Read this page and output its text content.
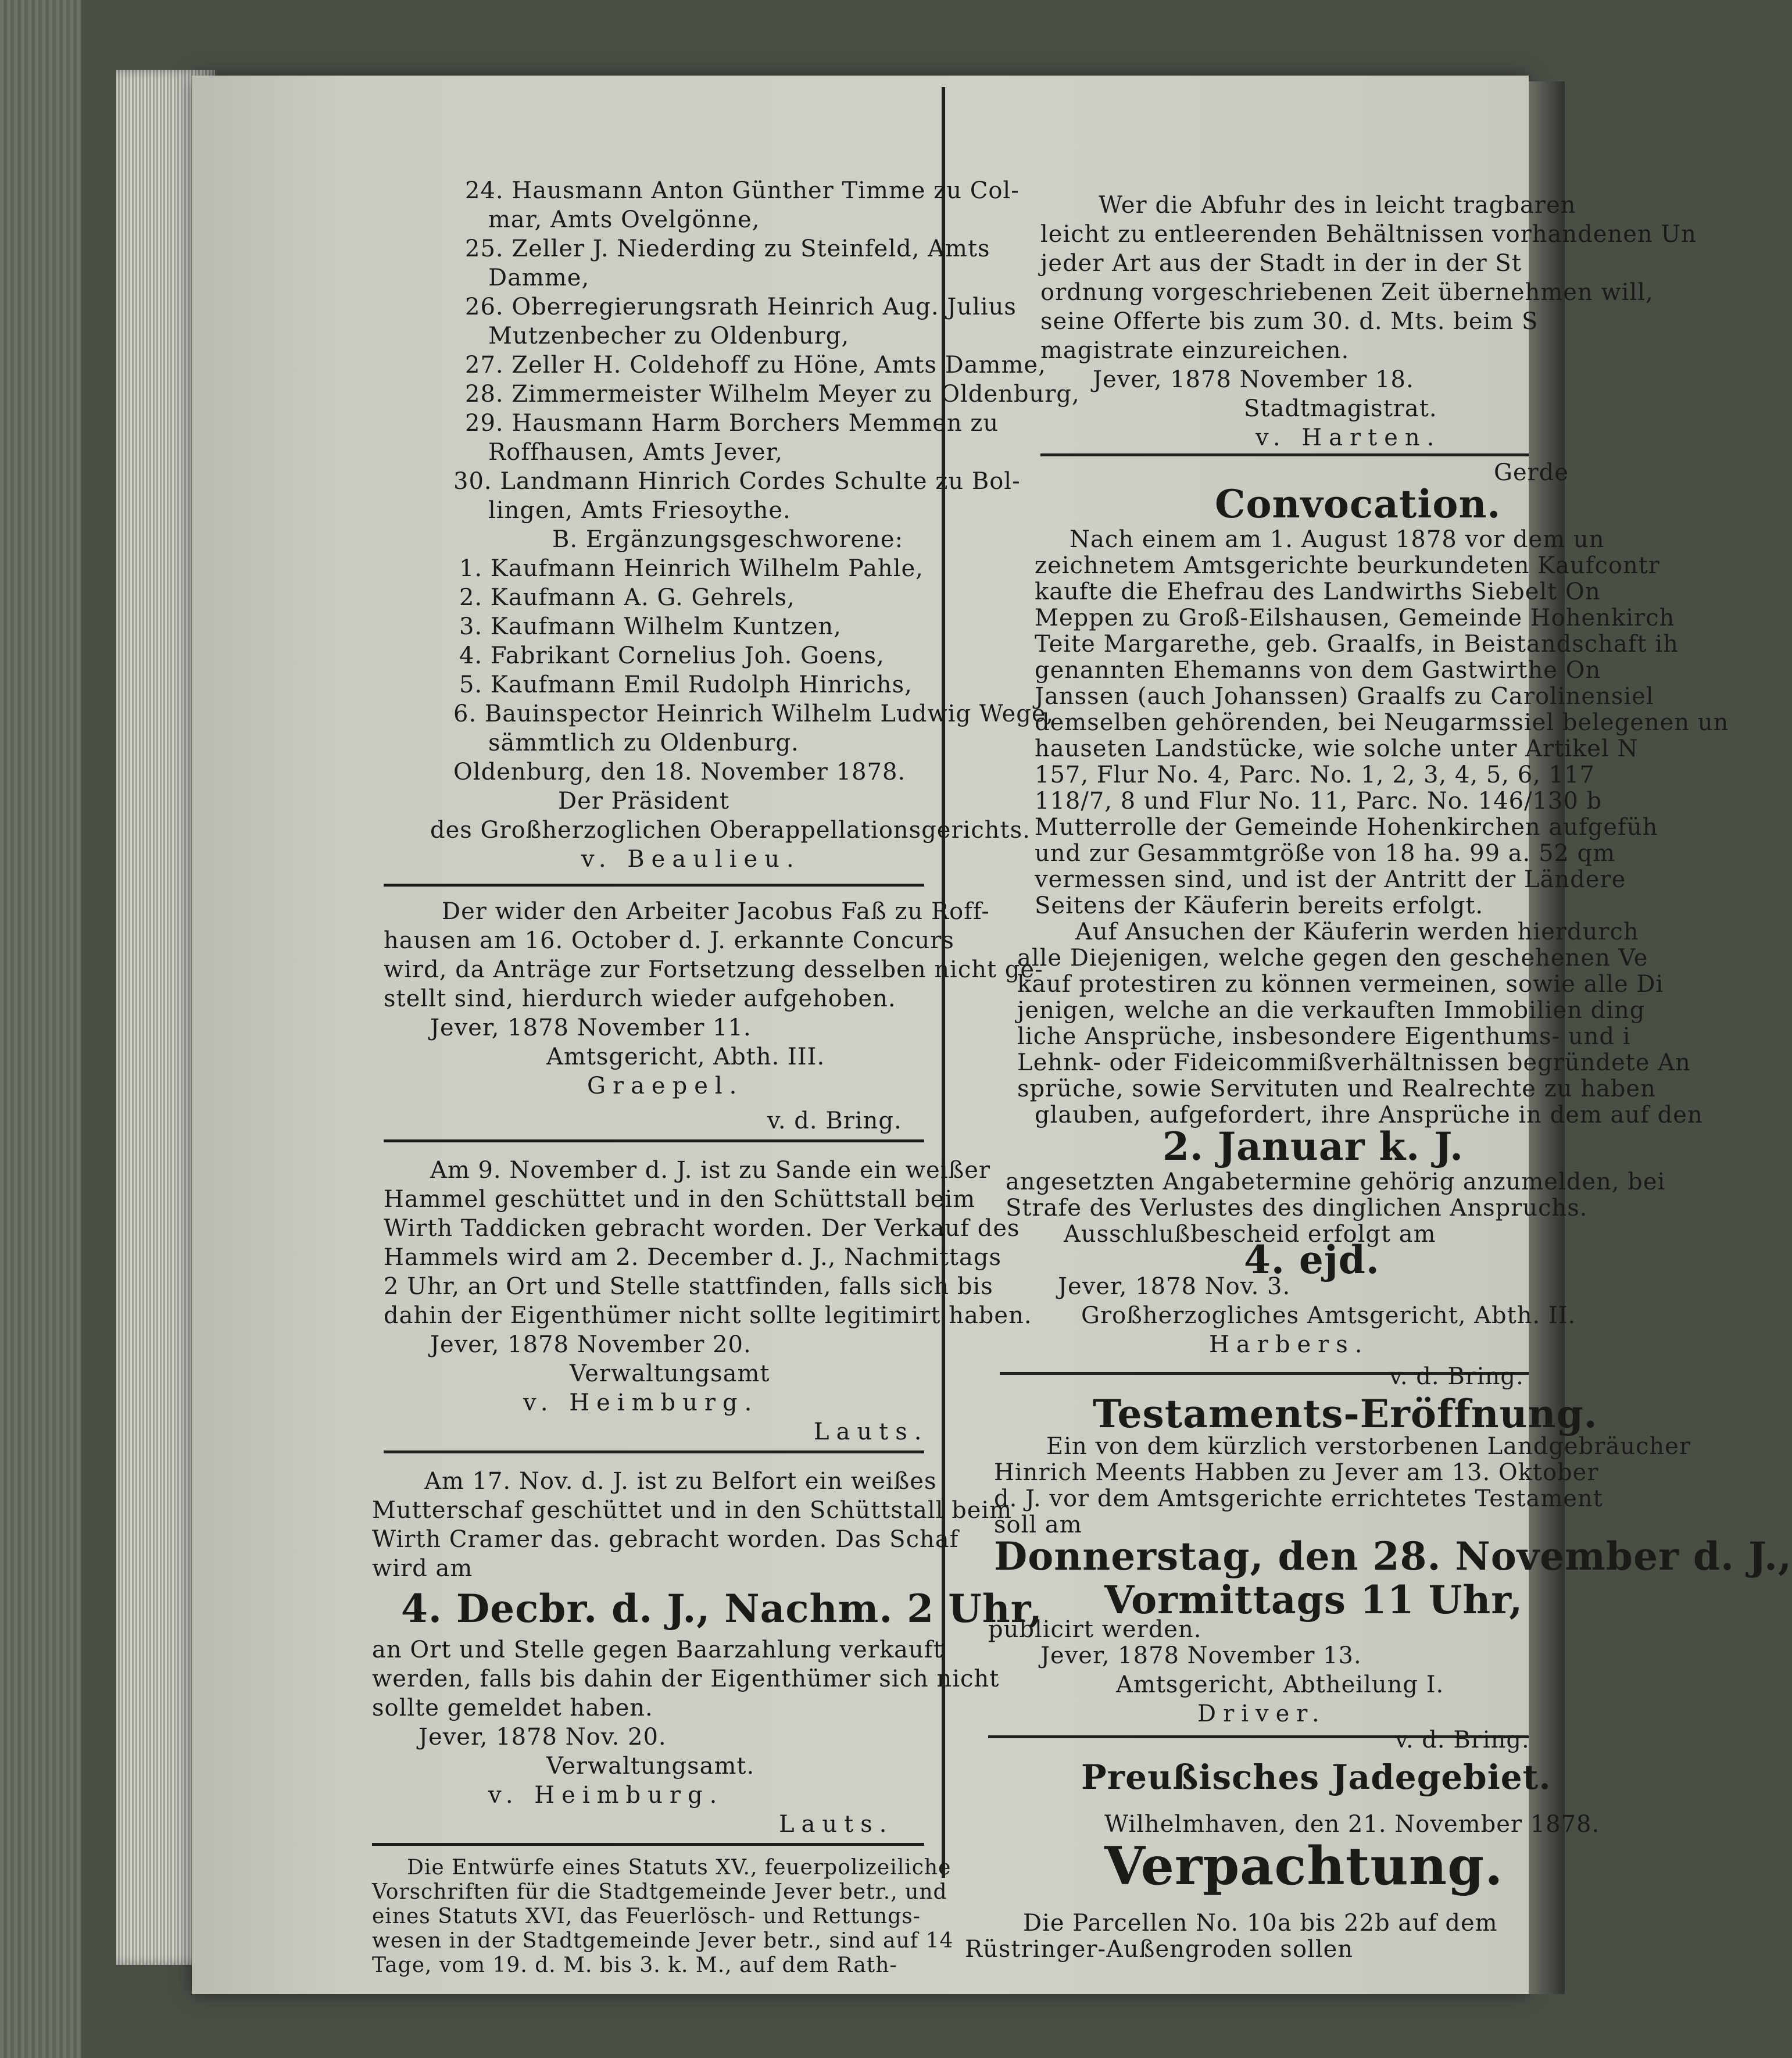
24. Hausmann Anton Günther Timme zu Col-
mar, Amts Ovelgönne,
25. Zeller J. Niederding zu Steinfeld, Amts
Damme,
26. Oberregierungsrath Heinrich Aug. Julius
Mutzenbecher zu Oldenburg,
27. Zeller H. Coldehoff zu Höne, Amts Damme,
28. Zimmermeister Wilhelm Meyer zu Oldenburg,
29. Hausmann Harm Borchers Memmen zu
Roffhausen, Amts Jever,
30. Landmann Hinrich Cordes Schulte zu Bol-
lingen, Amts Friesoythe.
B. Ergänzungsgeschworene:
1. Kaufmann Heinrich Wilhelm Pahle,
2. Kaufmann A. G. Gehrels,
3. Kaufmann Wilhelm Kuntzen,
4. Fabrikant Cornelius Joh. Goens,
5. Kaufmann Emil Rudolph Hinrichs,
6. Bauinspector Heinrich Wilhelm Ludwig Wege,
sämmtlich zu Oldenburg.
Oldenburg, den 18. November 1878.
Der Präsident
des Großherzoglichen Oberappellationsgerichts.
v. Beaulieu.
Der wider den Arbeiter Jacobus Faß zu Roff-
hausen am 16. October d. J. erkannte Concurs
wird, da Anträge zur Fortsetzung desselben nicht ge-
stellt sind, hierdurch wieder aufgehoben.
Jever, 1878 November 11.
Amtsgericht, Abth. III.
Graepel.
v. d. Bring.
Am 9. November d. J. ist zu Sande ein weißer
Hammel geschüttet und in den Schüttstall beim
Wirth Taddicken gebracht worden. Der Verkauf des
Hammels wird am 2. December d. J., Nachmittags
2 Uhr, an Ort und Stelle stattfinden, falls sich bis
dahin der Eigenthümer nicht sollte legitimirt haben.
Jever, 1878 November 20.
Verwaltungsamt
v. Heimburg.
Lauts.
Am 17. Nov. d. J. ist zu Belfort ein weißes
Mutterschaf geschüttet und in den Schüttstall beim
Wirth Cramer das. gebracht worden. Das Schaf
wird am
4. Decbr. d. J., Nachm. 2 Uhr,
an Ort und Stelle gegen Baarzahlung verkauft
werden, falls bis dahin der Eigenthümer sich nicht
sollte gemeldet haben.
Jever, 1878 Nov. 20.
Verwaltungsamt.
v. Heimburg.
Lauts.
Die Entwürfe eines Statuts XV., feuerpolizeiliche
Vorschriften für die Stadtgemeinde Jever betr., und
eines Statuts XVI, das Feuerlösch- und Rettungs-
wesen in der Stadtgemeinde Jever betr., sind auf 14
Tage, vom 19. d. M. bis 3. k. M., auf dem Rath-
Wer die Abfuhr des in leicht tragbaren
leicht zu entleerenden Behältnissen vorhandenen Un
jeder Art aus der Stadt in der in der St
ordnung vorgeschriebenen Zeit übernehmen will,
seine Offerte bis zum 30. d. Mts. beim S
magistrate einzureichen.
Jever, 1878 November 18.
Stadtmagistrat.
v. Harten.
Gerde
Convocation.
Nach einem am 1. August 1878 vor dem un
zeichnetem Amtsgerichte beurkundeten Kaufcontr
kaufte die Ehefrau des Landwirths Siebelt On
Meppen zu Groß-Eilshausen, Gemeinde Hohenkirch
Teite Margarethe, geb. Graalfs, in Beistandschaft ih
genannten Ehemanns von dem Gastwirthe On
Janssen (auch Johanssen) Graalfs zu Carolinensiel
demselben gehörenden, bei Neugarmssiel belegenen un
hauseten Landstücke, wie solche unter Artikel N
157, Flur No. 4, Parc. No. 1, 2, 3, 4, 5, 6, 117
118/7, 8 und Flur No. 11, Parc. No. 146/130 b
Mutterrolle der Gemeinde Hohenkirchen aufgefüh
und zur Gesammtgröße von 18 ha. 99 a. 52 qm
vermessen sind, und ist der Antritt der Ländere
Seitens der Käuferin bereits erfolgt.
Auf Ansuchen der Käuferin werden hierdurch
alle Diejenigen, welche gegen den geschehenen Ve
kauf protestiren zu können vermeinen, sowie alle Di
jenigen, welche an die verkauften Immobilien ding
liche Ansprüche, insbesondere Eigenthums- und i
Lehnk- oder Fideicommißverhältnissen begründete An
sprüche, sowie Servituten und Realrechte zu haben
glauben, aufgefordert, ihre Ansprüche in dem auf den
2. Januar k. J.
angesetzten Angabetermine gehörig anzumelden, bei
Strafe des Verlustes des dinglichen Anspruchs.
Ausschlußbescheid erfolgt am
4. ejd.
Jever, 1878 Nov. 3.
Großherzogliches Amtsgericht, Abth. II.
Harbers.
v. d. Bring.
Testaments-Eröffnung.
Ein von dem kürzlich verstorbenen Landgebräucher
Hinrich Meents Habben zu Jever am 13. Oktober
d. J. vor dem Amtsgerichte errichtetes Testament
soll am
Donnerstag, den 28. November d. J.,
Vormittags 11 Uhr,
publicirt werden.
Jever, 1878 November 13.
Amtsgericht, Abtheilung I.
Driver.
v. d. Bring.
Preußisches Jadegebiet.
Wilhelmhaven, den 21. November 1878.
Verpachtung.
Die Parcellen No. 10a bis 22b auf dem
Rüstringer-Außengroden sollen
